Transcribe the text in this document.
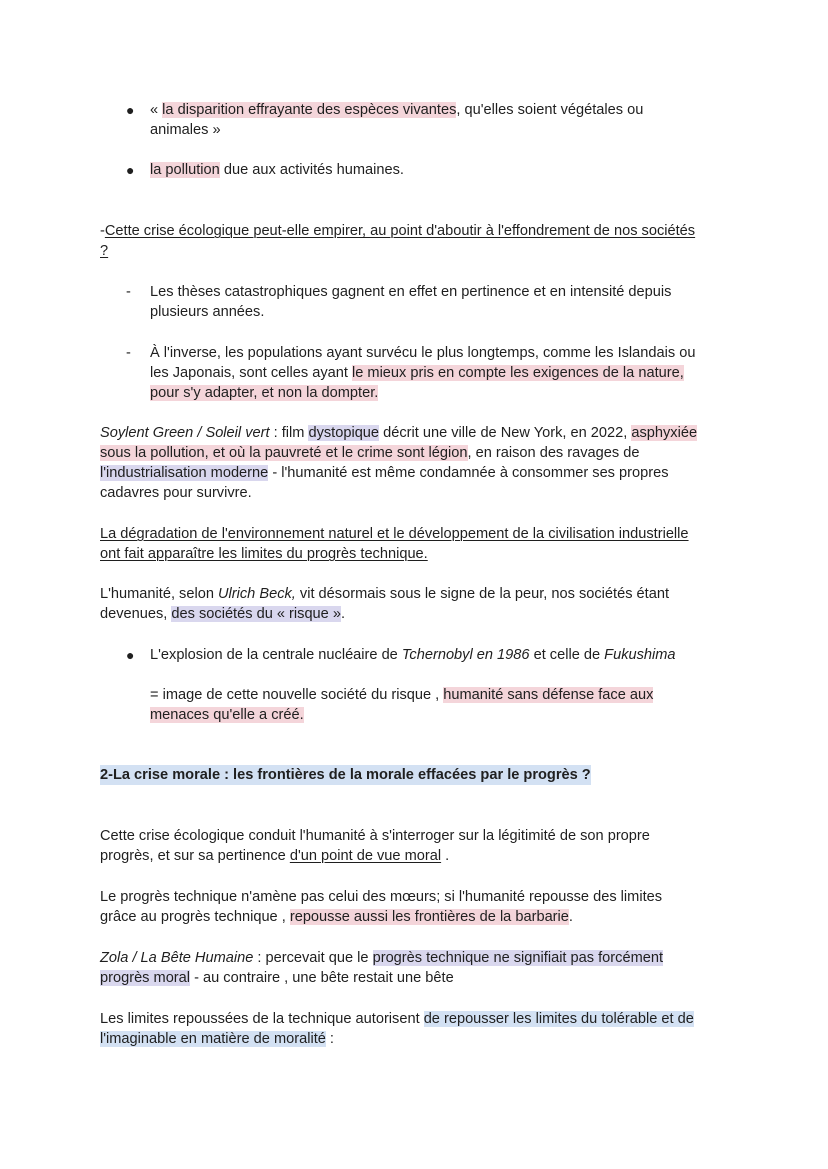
● « la disparition effrayante des espèces vivantes, qu'elles soient végétales ou
animales »
● la pollution due aux activités humaines.
-Cette crise écologique peut-elle empirer, au point d'aboutir à l'effondrement de nos sociétés
?
- Les thèses catastrophiques gagnent en effet en pertinence et en intensité depuis
plusieurs années.
- À l'inverse, les populations ayant survécu le plus longtemps, comme les Islandais ou
les Japonais, sont celles ayant le mieux pris en compte les exigences de la nature,
pour s'y adapter, et non la dompter.
Soylent Green / Soleil vert : film dystopique décrit une ville de New York, en 2022, asphyxiée
sous la pollution, et où la pauvreté et le crime sont légion, en raison des ravages de
l'industrialisation moderne - l'humanité est même condamnée à consommer ses propres
cadavres pour survivre.
La dégradation de l'environnement naturel et le développement de la civilisation industrielle
ont fait apparaître les limites du progrès technique.
L'humanité, selon Ulrich Beck, vit désormais sous le signe de la peur, nos sociétés étant
devenues, des sociétés du « risque ».
● L'explosion de la centrale nucléaire de Tchernobyl en 1986 et celle de Fukushima
= image de cette nouvelle société du risque , humanité sans défense face aux
menaces qu'elle a créé.
2-La crise morale : les frontières de la morale effacées par le progrès ?
Cette crise écologique conduit l'humanité à s'interroger sur la légitimité de son propre
progrès, et sur sa pertinence d'un point de vue moral .
Le progrès technique n'amène pas celui des mœurs; si l'humanité repousse des limites
grâce au progrès technique , repousse aussi les frontières de la barbarie.
Zola / La Bête Humaine : percevait que le progrès technique ne signifiait pas forcément
progrès moral - au contraire , une bête restait une bête
Les limites repoussées de la technique autorisent de repousser les limites du tolérable et de
l'imaginable en matière de moralité :
